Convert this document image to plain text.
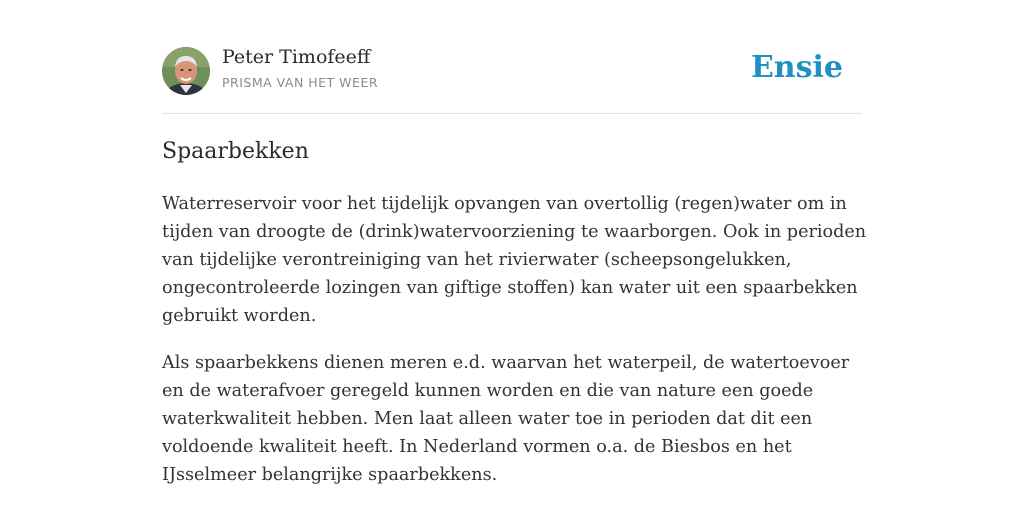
Peter Timofeeff
PRISMA VAN HET WEER	Ensie
Spaarbekken

Waterreservoir voor het tijdelijk opvangen van overtollig (regen)water om in tijden van droogte de (drink)watervoorziening te waarborgen. Ook in perioden van tijdelijke verontreiniging van het rivierwater (scheepsongelukken, ongecontroleerde lozingen van giftige stoffen) kan water uit een spaarbekken gebruikt worden.

Als spaarbekkens dienen meren e.d. waarvan het waterpeil, de watertoevoer en de waterafvoer geregeld kunnen worden en die van nature een goede waterkwaliteit hebben. Men laat alleen water toe in perioden dat dit een voldoende kwaliteit heeft. In Nederland vormen o.a. de Biesbos en het IJsselmeer belangrijke spaarbekkens.
